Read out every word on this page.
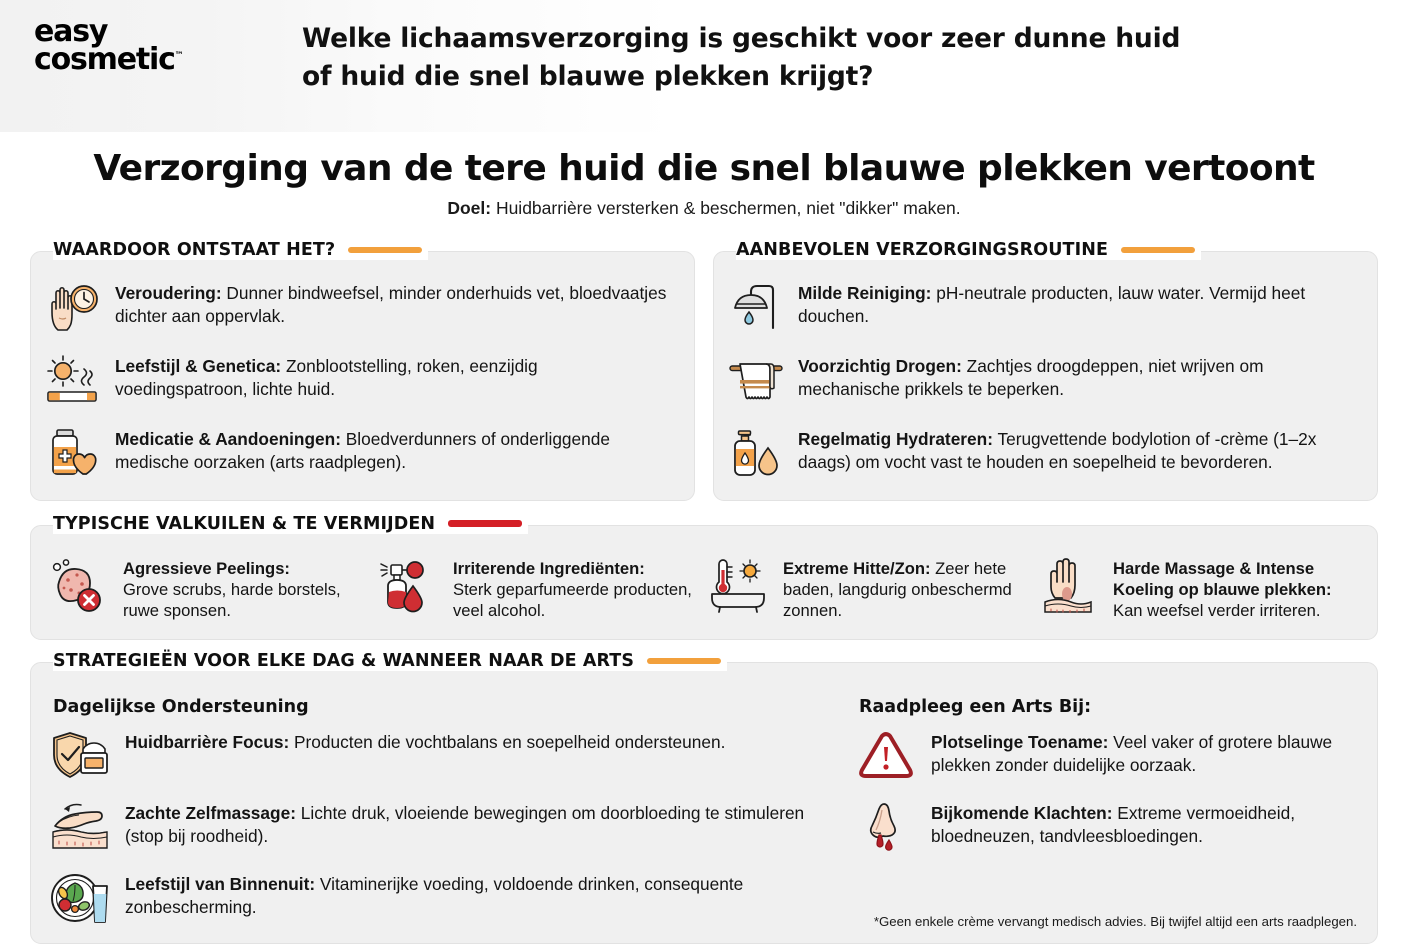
easy
cosmetic™
Welke lichaamsverzorging is geschikt voor zeer dunne huid
of huid die snel blauwe plekken krijgt?
Verzorging van de tere huid die snel blauwe plekken vertoont
Doel: Huidbarrière versterken & beschermen, niet "dikker" maken.
WAARDOOR ONTSTAAT HET?
Veroudering: Dunner bindweefsel, minder onderhuids vet, bloedvaatjes dichter aan oppervlak.
Leefstijl & Genetica: Zonblootstelling, roken, eenzijdig voedingspatroon, lichte huid.
Medicatie & Aandoeningen: Bloedverdunners of onderliggende medische oorzaken (arts raadplegen).
AANBEVOLEN VERZORGINGSROUTINE
Milde Reiniging: pH-neutrale producten, lauw water. Vermijd heet douchen.
Voorzichtig Drogen: Zachtjes droogdeppen, niet wrijven om mechanische prikkels te beperken.
Regelmatig Hydrateren: Terugvettende bodylotion of -crème (1–2x daags) om vocht vast te houden en soepelheid te bevorderen.
TYPISCHE VALKUILEN & TE VERMIJDEN
Agressieve Peelings:
Grove scrubs, harde borstels, ruwe sponsen.
Irriterende Ingrediënten:
Sterk geparfumeerde producten, veel alcohol.
Extreme Hitte/Zon: Zeer hete baden, langdurig onbeschermd zonnen.
Harde Massage & Intense Koeling op blauwe plekken:
Kan weefsel verder irriteren.
STRATEGIEËN VOOR ELKE DAG & WANNEER NAAR DE ARTS
Dagelijkse Ondersteuning
Huidbarrière Focus: Producten die vochtbalans en soepelheid ondersteunen.
Zachte Zelfmassage: Lichte druk, vloeiende bewegingen om doorbloeding te stimuleren (stop bij roodheid).
Leefstijl van Binnenuit: Vitaminerijke voeding, voldoende drinken, consequente zonbescherming.
Raadpleeg een Arts Bij:
Plotselinge Toename: Veel vaker of grotere blauwe plekken zonder duidelijke oorzaak.
Bijkomende Klachten: Extreme vermoeidheid, bloedneuzen, tandvleesbloedingen.
*Geen enkele crème vervangt medisch advies. Bij twijfel altijd een arts raadplegen.
